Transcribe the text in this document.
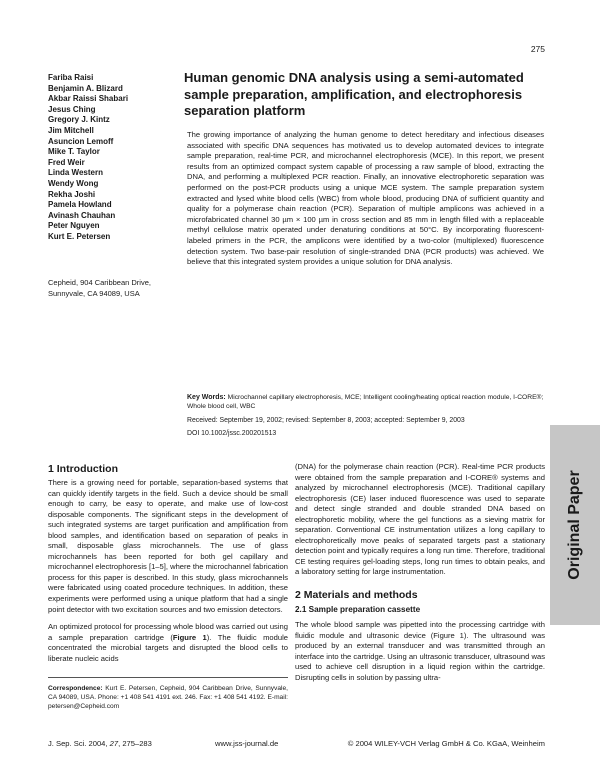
275
Fariba Raisi
Benjamin A. Blizard
Akbar Raissi Shabari
Jesus Ching
Gregory J. Kintz
Jim Mitchell
Asuncion Lemoff
Mike T. Taylor
Fred Weir
Linda Western
Wendy Wong
Rekha Joshi
Pamela Howland
Avinash Chauhan
Peter Nguyen
Kurt E. Petersen
Cepheid, 904 Caribbean Drive, Sunnyvale, CA 94089, USA
Human genomic DNA analysis using a semi-automated sample preparation, amplification, and electrophoresis separation platform
The growing importance of analyzing the human genome to detect hereditary and infectious diseases associated with specific DNA sequences has motivated us to develop automated devices to integrate sample preparation, real-time PCR, and microchannel electrophoresis (MCE). In this report, we present results from an optimized compact system capable of processing a raw sample of blood, extracting the DNA, and performing a multiplexed PCR reaction. Finally, an innovative electrophoretic separation was performed on the post-PCR products using a unique MCE system. The sample preparation system extracted and lysed white blood cells (WBC) from whole blood, producing DNA of sufficient quantity and quality for a polymerase chain reaction (PCR). Separation of multiple amplicons was achieved in a microfabricated channel 30 µm × 100 µm in cross section and 85 mm in length filled with a replaceable methyl cellulose matrix operated under denaturing conditions at 50°C. By incorporating fluorescent-labeled primers in the PCR, the amplicons were identified by a two-color (multiplexed) fluorescence detection system. Two base-pair resolution of single-stranded DNA (PCR products) was achieved. We believe that this integrated system provides a unique solution for DNA analysis.
Key Words: Microchannel capillary electrophoresis, MCE; Intelligent cooling/heating optical reaction module, I-CORE®; Whole blood cell, WBC
Received: September 19, 2002; revised: September 8, 2003; accepted: September 9, 2003
DOI 10.1002/jssc.200201513
1 Introduction
There is a growing need for portable, separation-based systems that can quickly identify targets in the field. Such a device should be small enough to carry, be easy to operate, and make use of low-cost disposable components. The significant steps in the development of such integrated systems are target purification and amplification from blood samples, and identification based on separation of peaks in small, disposable glass microchannels. The use of glass microchannels has been reported for both gel capillary and microchannel electrophoresis [1–5], where the microchannel fabrication process for this paper is described. In this study, glass microchannels were fabricated using coated procedure techniques. In addition, these experiments were performed using a unique platform that had a single point detector with two excitation sources and two emission detectors.
An optimized protocol for processing whole blood was carried out using a sample preparation cartridge (Figure 1). The fluidic module concentrated the microbial targets and disrupted the blood cells to liberate nucleic acids
(DNA) for the polymerase chain reaction (PCR). Real-time PCR products were obtained from the sample preparation and I-CORE® systems and analyzed by microchannel electrophoresis (MCE). Traditional capillary electrophoresis (CE) laser induced fluorescence was used to separate and detect single stranded and double stranded DNA based on electrophoretic mobility, where the gel functions as a sieving matrix for separation. Conventional CE instrumentation utilizes a long capillary to electrophoretically move peaks of separated targets past a stationary detection point and typically requires a long run time. Therefore, traditional CE testing requires gel-loading steps, long run times to obtain peaks, and a laboratory setting for large instrumentation.
2 Materials and methods
2.1 Sample preparation cassette
The whole blood sample was pipetted into the processing cartridge with fluidic module and ultrasonic device (Figure 1). The ultrasound was produced by an external transducer and was transmitted through an interface into the cartridge. Using an ultrasonic transducer, ultrasound was used to achieve cell disruption in a liquid region within the cartridge. Disrupting cells in solution by passing ultra-
Original Paper
Correspondence: Kurt E. Petersen, Cepheid, 904 Caribbean Drive, Sunnyvale, CA 94089, USA. Phone: +1 408 541 4191 ext. 246. Fax: +1 408 541 4192. E-mail: petersen@Cepheid.com
J. Sep. Sci. 2004, 27, 275–283	www.jss-journal.de	© 2004 WILEY-VCH Verlag GmbH & Co. KGaA, Weinheim
